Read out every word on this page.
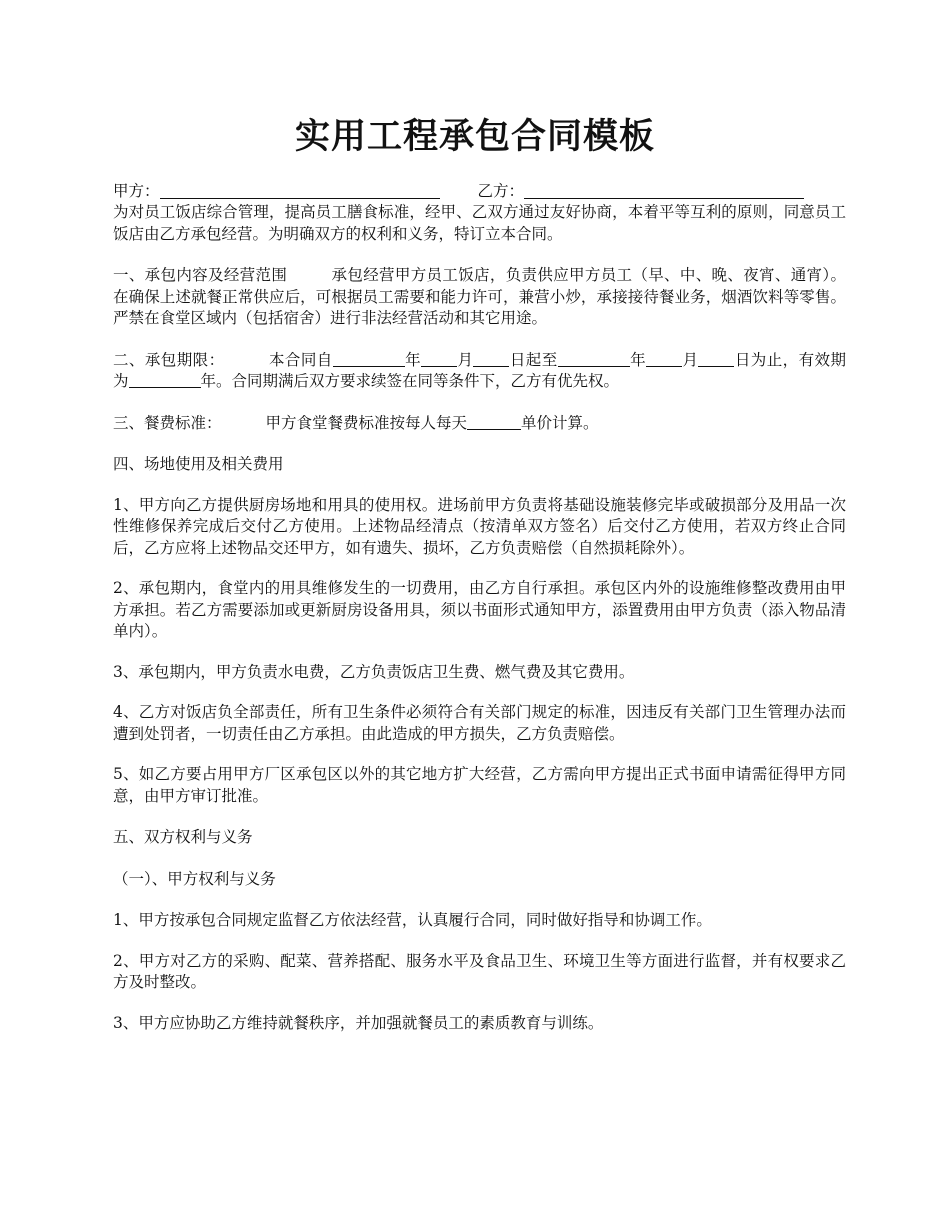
实用工程承包合同模板
甲方：	乙方：

为对员工饭店综合管理，提高员工膳食标准，经甲、乙双方通过友好协商，本着平等互利的原则，同意员工饭店由乙方承包经营。为明确双方的权利和义务，特订立本合同。

一、承包内容及经营范围	承包经营甲方员工饭店，负责供应甲方员工（早、中、晚、夜宵、通宵）。在确保上述就餐正常供应后，可根据员工需要和能力许可，兼营小炒，承接接待餐业务，烟酒饮料等零售。严禁在食堂区域内（包括宿舍）进行非法经营活动和其它用途。

二、承包期限：	本合同自	年 月 日起至	年 月 日为止，有效期为	年。合同期满后双方要求续签在同等条件下，乙方有优先权。

三、餐费标准：	甲方食堂餐费标准按每人每天	单价计算。

四、场地使用及相关费用

1、甲方向乙方提供厨房场地和用具的使用权。进场前甲方负责将基础设施装修完毕或破损部分及用品一次性维修保养完成后交付乙方使用。上述物品经清点（按清单双方签名）后交付乙方使用，若双方终止合同后，乙方应将上述物品交还甲方，如有遗失、损坏，乙方负责赔偿（自然损耗除外）。

2、承包期内，食堂内的用具维修发生的一切费用，由乙方自行承担。承包区内外的设施维修整改费用由甲方承担。若乙方需要添加或更新厨房设备用具，须以书面形式通知甲方，添置费用由甲方负责（添入物品清单内）。

3、承包期内，甲方负责水电费，乙方负责饭店卫生费、燃气费及其它费用。

4、乙方对饭店负全部责任，所有卫生条件必须符合有关部门规定的标准，因违反有关部门卫生管理办法而遭到处罚者，一切责任由乙方承担。由此造成的甲方损失，乙方负责赔偿。

5、如乙方要占用甲方厂区承包区以外的其它地方扩大经营，乙方需向甲方提出正式书面申请需征得甲方同意，由甲方审订批准。

五、双方权利与义务

（一）、甲方权利与义务

1、甲方按承包合同规定监督乙方依法经营，认真履行合同，同时做好指导和协调工作。

2、甲方对乙方的采购、配菜、营养搭配、服务水平及食品卫生、环境卫生等方面进行监督，并有权要求乙方及时整改。

3、甲方应协助乙方维持就餐秩序，并加强就餐员工的素质教育与训练。
